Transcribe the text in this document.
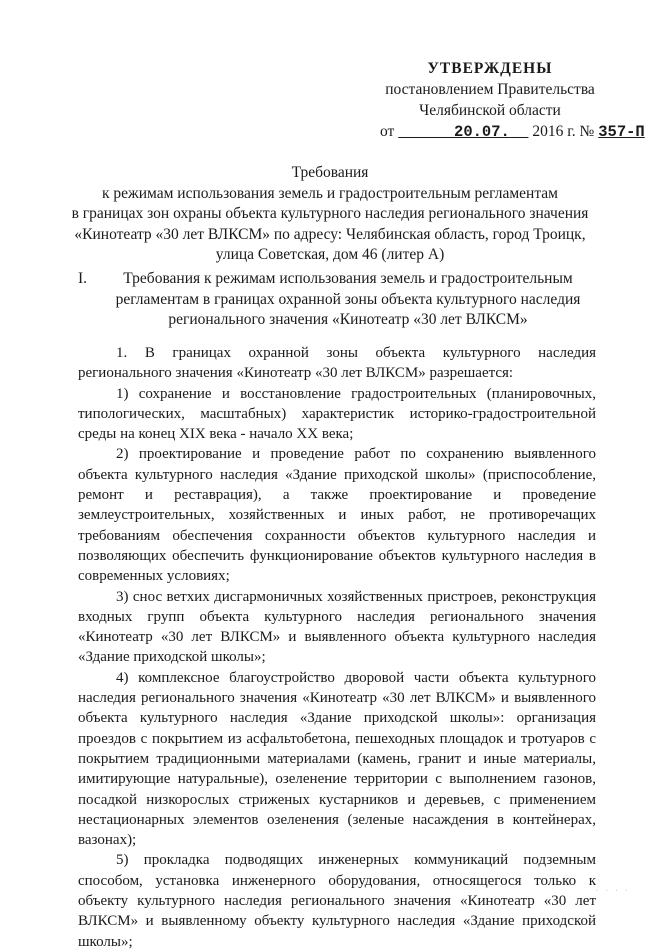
УТВЕРЖДЕНЫ
постановлением Правительства
Челябинской области
от	20.07. 2016 г. № 357-П
Требования
к режимам использования земель и градостроительным регламентам
в границах зон охраны объекта культурного наследия регионального значения
«Кинотеатр «30 лет ВЛКСМ» по адресу: Челябинская область, город Троицк,
улица Советская, дом 46 (литер А)
I.	Требования к режимам использования земель и градостроительным регламентам в границах охранной зоны объекта культурного наследия регионального значения «Кинотеатр «30 лет ВЛКСМ»

1. В границах охранной зоны объекта культурного наследия регионального значения «Кинотеатр «30 лет ВЛКСМ» разрешается:

1) сохранение и восстановление градостроительных (планировочных, типологических, масштабных) характеристик историко-градостроительной среды на конец XIX века - начало XX века;

2) проектирование и проведение работ по сохранению выявленного объекта культурного наследия «Здание приходской школы» (приспособление, ремонт и реставрация), а также проектирование и проведение землеустроительных, хозяйственных и иных работ, не противоречащих требованиям обеспечения сохранности объектов культурного наследия и позволяющих обеспечить функционирование объектов культурного наследия в современных условиях;

3) снос ветхих дисгармоничных хозяйственных пристроев, реконструкция входных групп объекта культурного наследия регионального значения «Кинотеатр «30 лет ВЛКСМ» и выявленного объекта культурного наследия «Здание приходской школы»;

4) комплексное благоустройство дворовой части объекта культурного наследия регионального значения «Кинотеатр «30 лет ВЛКСМ» и выявленного объекта культурного наследия «Здание приходской школы»: организация проездов с покрытием из асфальтобетона, пешеходных площадок и тротуаров с покрытием традиционными материалами (камень, гранит и иные материалы, имитирующие натуральные), озеленение территории с выполнением газонов, посадкой низкорослых стриженых кустарников и деревьев, с применением нестационарных элементов озеленения (зеленые насаждения в контейнерах, вазонах);

5) прокладка подводящих инженерных коммуникаций подземным способом, установка инженерного оборудования, относящегося только к объекту культурного наследия регионального значения «Кинотеатр «30 лет ВЛКСМ» и выявленному объекту культурного наследия «Здание приходской школы»;

· · · ·
